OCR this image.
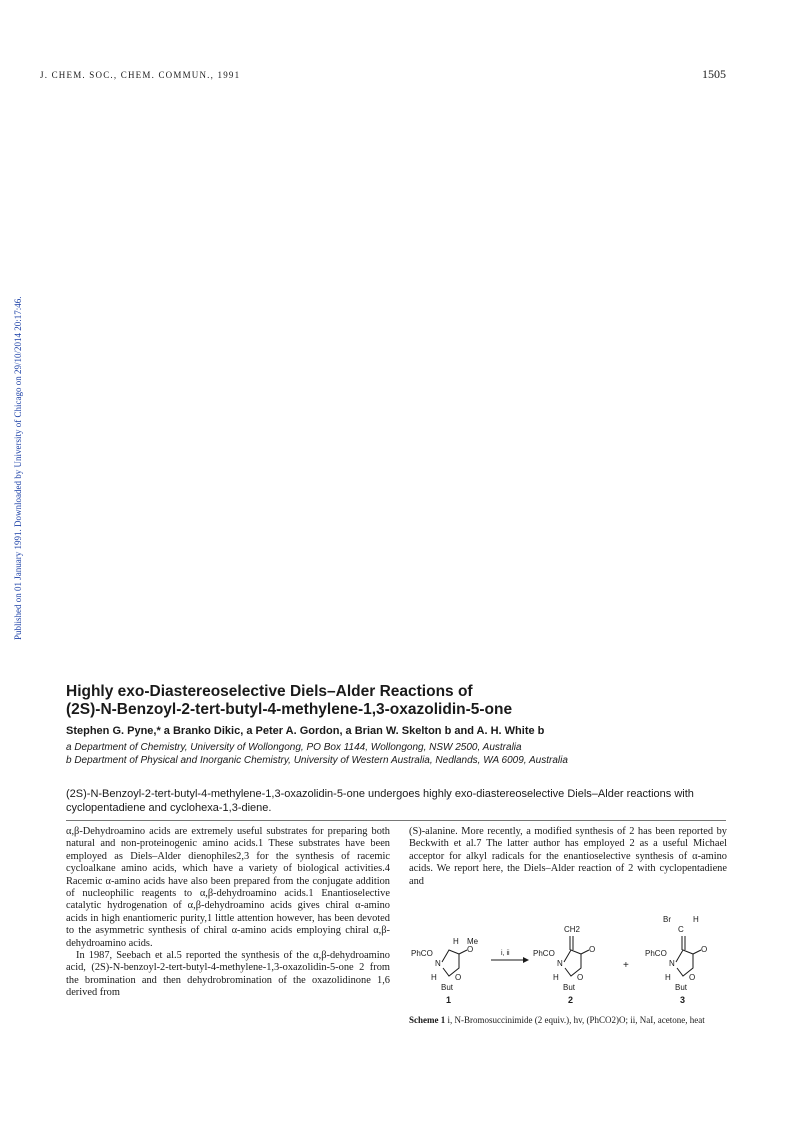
J. CHEM. SOC., CHEM. COMMUN., 1991	1505
Published on 01 January 1991. Downloaded by University of Chicago on 29/10/2014 20:17:46.
Highly exo-Diastereoselective Diels–Alder Reactions of
(2S)-N-Benzoyl-2-tert-butyl-4-methylene-1,3-oxazolidin-5-one
Stephen G. Pyne,* a Branko Dikic, a Peter A. Gordon, a Brian W. Skelton b and A. H. White b
a Department of Chemistry, University of Wollongong, PO Box 1144, Wollongong, NSW 2500, Australia
b Department of Physical and Inorganic Chemistry, University of Western Australia, Nedlands, WA 6009, Australia
(2S)-N-Benzoyl-2-tert-butyl-4-methylene-1,3-oxazolidin-5-one undergoes highly exo-diastereoselective Diels–Alder reactions with cyclopentadiene and cyclohexa-1,3-diene.

α,β-Dehydroamino acids are extremely useful substrates for preparing both natural and non-proteinogenic amino acids.1 These substrates have been employed as Diels–Alder dienophiles2,3 for the synthesis of racemic cycloalkane amino acids, which have a variety of biological activities.4 Racemic α-amino acids have also been prepared from the conjugate addition of nucleophilic reagents to α,β-dehydroamino acids.1 Enantioselective catalytic hydrogenation of α,β-dehydroamino acids gives chiral α-amino acids in high enantiomeric purity,1 little attention however, has been devoted to the asymmetric synthesis of chiral α-amino acids employing chiral α,β-dehydroamino acids.

In 1987, Seebach et al.5 reported the synthesis of the α,β-dehydroamino acid, (2S)-N-benzoyl-2-tert-butyl-4-methylene-1,3-oxazolidin-5-one 2 from the bromination and then dehydrobromination of the oxazolidinone 1,6 derived from

(S)-alanine. More recently, a modified synthesis of 2 has been reported by Beckwith et al.7 The latter author has employed 2 as a useful Michael acceptor for alkyl radicals for the enantioselective synthesis of α-amino acids. We report here, the Diels–Alder reaction of 2 with cyclopentadiene and

PhCO
N
O
H Me
H O
But
1
i, ii	PhCO
N
CH2
O
H O
But
2
+
PhCO
N
C
Br	H
O
H O
But
3
Scheme 1 i, N-Bromosuccinimide (2 equiv.), hv, (PhCO2)O; ii, NaI, acetone, heat
